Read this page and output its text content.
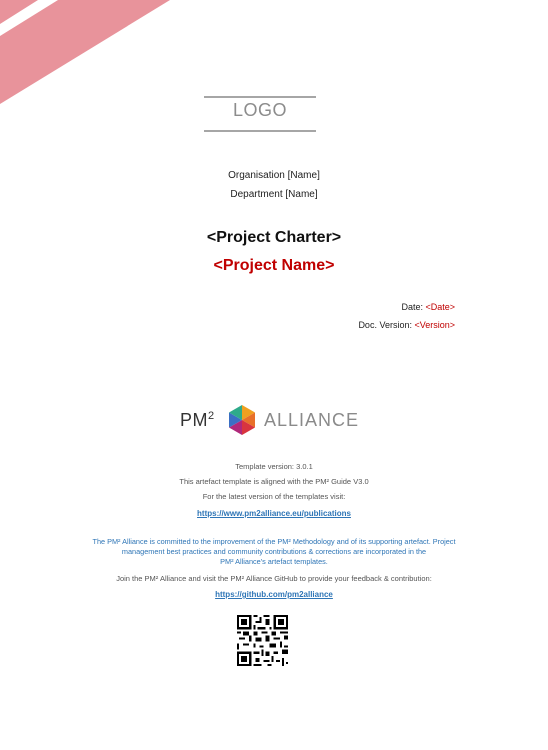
LOGO
Organisation [Name]
Department [Name]
<Project Charter>
<Project Name>
Date: <Date>
Doc. Version: <Version>
$PM^2$	ALLIANCE
Template version: 3.0.1
This artefact template is aligned with the PM² Guide V3.0
For the latest version of the templates visit:
https://www.pm2alliance.eu/publications
The PM² Alliance is committed to the improvement of the PM² Methodology and of its supporting artefact. Project
management best practices and community contributions & corrections are incorporated in the
PM² Alliance's artefact templates.
Join the PM² Alliance and visit the PM² Alliance GitHub to provide your feedback & contribution:
https://github.com/pm2alliance
